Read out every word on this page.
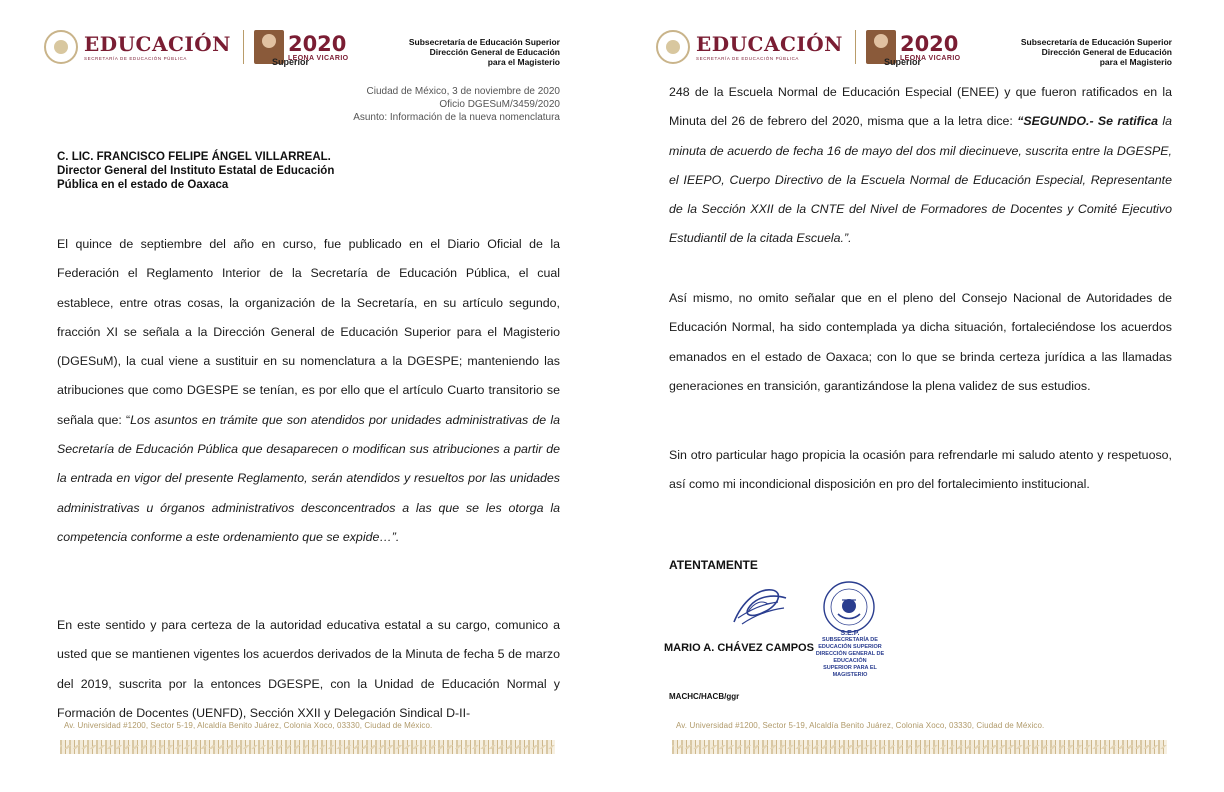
EDUCACIÓN
SECRETARÍA DE EDUCACIÓN PÚBLICA
2020
LEONA VICARIO
Superior
Subsecretaría de Educación Superior
Dirección General de Educación
para el Magisterio
Ciudad de México, 3 de noviembre de 2020
Oficio DGESuM/3459/2020
Asunto: Información de la nueva nomenclatura
C. LIC. FRANCISCO FELIPE ÁNGEL VILLARREAL.
Director General del Instituto Estatal de Educación
Pública en el estado de Oaxaca
El quince de septiembre del año en curso, fue publicado en el Diario Oficial de la Federación el Reglamento Interior de la Secretaría de Educación Pública, el cual establece, entre otras cosas, la organización de la Secretaría, en su artículo segundo, fracción XI se señala a la Dirección General de Educación Superior para el Magisterio (DGESuM), la cual viene a sustituir en su nomenclatura a la DGESPE; manteniendo las atribuciones que como DGESPE se tenían, es por ello que el artículo Cuarto transitorio se señala que: “Los asuntos en trámite que son atendidos por unidades administrativas de la Secretaría de Educación Pública que desaparecen o modifican sus atribuciones a partir de la entrada en vigor del presente Reglamento, serán atendidos y resueltos por las unidades administrativas u órganos administrativos desconcentrados a las que se les otorga la competencia conforme a este ordenamiento que se expide…”.
En este sentido y para certeza de la autoridad educativa estatal a su cargo, comunico a usted que se mantienen vigentes los acuerdos derivados de la Minuta de fecha 5 de marzo del 2019, suscrita por la entonces DGESPE, con la Unidad de Educación Normal y Formación de Docentes (UENFD), Sección XXII y Delegación Sindical D-II-
Av. Universidad #1200, Sector 5-19, Alcaldía Benito Juárez, Colonia Xoco, 03330, Ciudad de México.
EDUCACIÓN
SECRETARÍA DE EDUCACIÓN PÚBLICA
2020
LEONA VICARIO
Superior
Subsecretaría de Educación Superior
Dirección General de Educación
para el Magisterio
248 de la Escuela Normal de Educación Especial (ENEE) y que fueron ratificados en la Minuta del 26 de febrero del 2020, misma que a la letra dice: “SEGUNDO.- Se ratifica la minuta de acuerdo de fecha 16 de mayo del dos mil diecinueve, suscrita entre la DGESPE, el IEEPO, Cuerpo Directivo de la Escuela Normal de Educación Especial, Representante de la Sección XXII de la CNTE del Nivel de Formadores de Docentes y Comité Ejecutivo Estudiantil de la citada Escuela.”.
Así mismo, no omito señalar que en el pleno del Consejo Nacional de Autoridades de Educación Normal, ha sido contemplada ya dicha situación, fortaleciéndose los acuerdos emanados en el estado de Oaxaca; con lo que se brinda certeza jurídica a las llamadas generaciones en transición, garantizándose la plena validez de sus estudios.
Sin otro particular hago propicia la ocasión para refrendarle mi saludo atento y respetuoso, así como mi incondicional disposición en pro del fortalecimiento institucional.
ATENTAMENTE
S.E.P.
SUBSECRETARÍA DE EDUCACIÓN SUPERIOR
DIRECCIÓN GENERAL DE EDUCACIÓN
SUPERIOR PARA EL MAGISTERIO
MARIO A. CHÁVEZ CAMPOS
MACHC/HACB/ggr
Av. Universidad #1200, Sector 5-19, Alcaldía Benito Juárez, Colonia Xoco, 03330, Ciudad de México.
